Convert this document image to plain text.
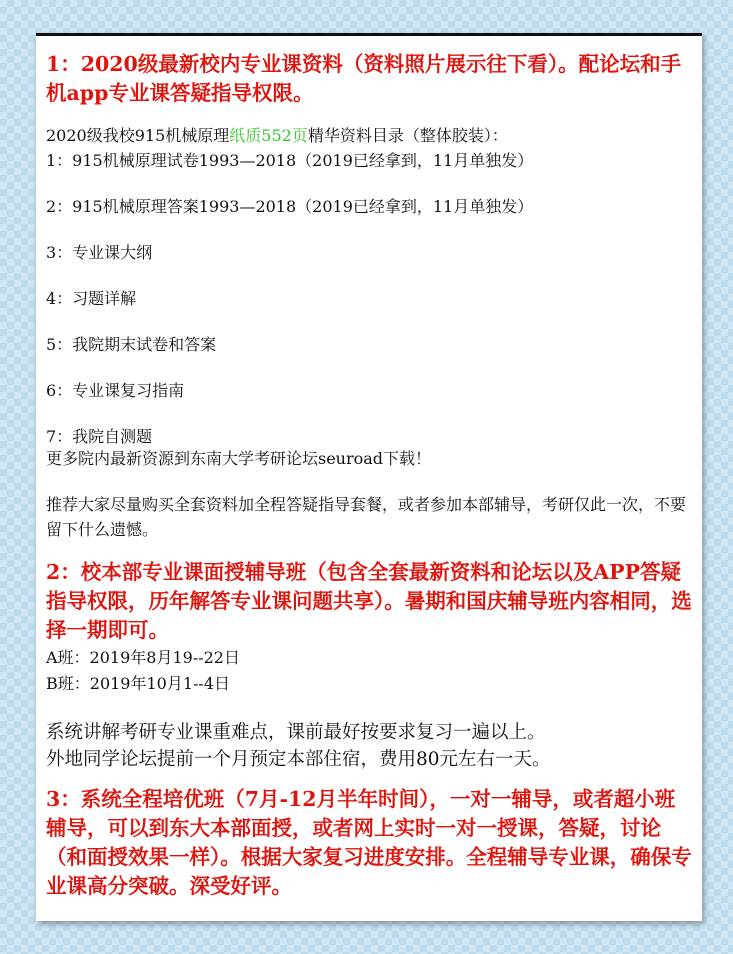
1：2020级最新校内专业课资料（资料照片展示往下看）。配论坛和手机app专业课答疑指导权限。

2020级我校915机械原理纸质552页精华资料目录（整体胶装）：

1：915机械原理试卷1993—2018（2019已经拿到，11月单独发）

2：915机械原理答案1993—2018（2019已经拿到，11月单独发）

3：专业课大纲

4：习题详解

5：我院期末试卷和答案

6：专业课复习指南

7：我院自测题

更多院内最新资源到东南大学考研论坛seuroad下载！

推荐大家尽量购买全套资料加全程答疑指导套餐，或者参加本部辅导，考研仅此一次，不要留下什么遗憾。

2：校本部专业课面授辅导班（包含全套最新资料和论坛以及APP答疑指导权限，历年解答专业课问题共享）。暑期和国庆辅导班内容相同，选择一期即可。

A班：2019年8月19--22日

B班：2019年10月1--4日

系统讲解考研专业课重难点，课前最好按要求复习一遍以上。

外地同学论坛提前一个月预定本部住宿，费用80元左右一天。

3：系统全程培优班（7月-12月半年时间），一对一辅导，或者超小班辅导，可以到东大本部面授，或者网上实时一对一授课，答疑，讨论（和面授效果一样）。根据大家复习进度安排。全程辅导专业课，确保专业课高分突破。深受好评。
